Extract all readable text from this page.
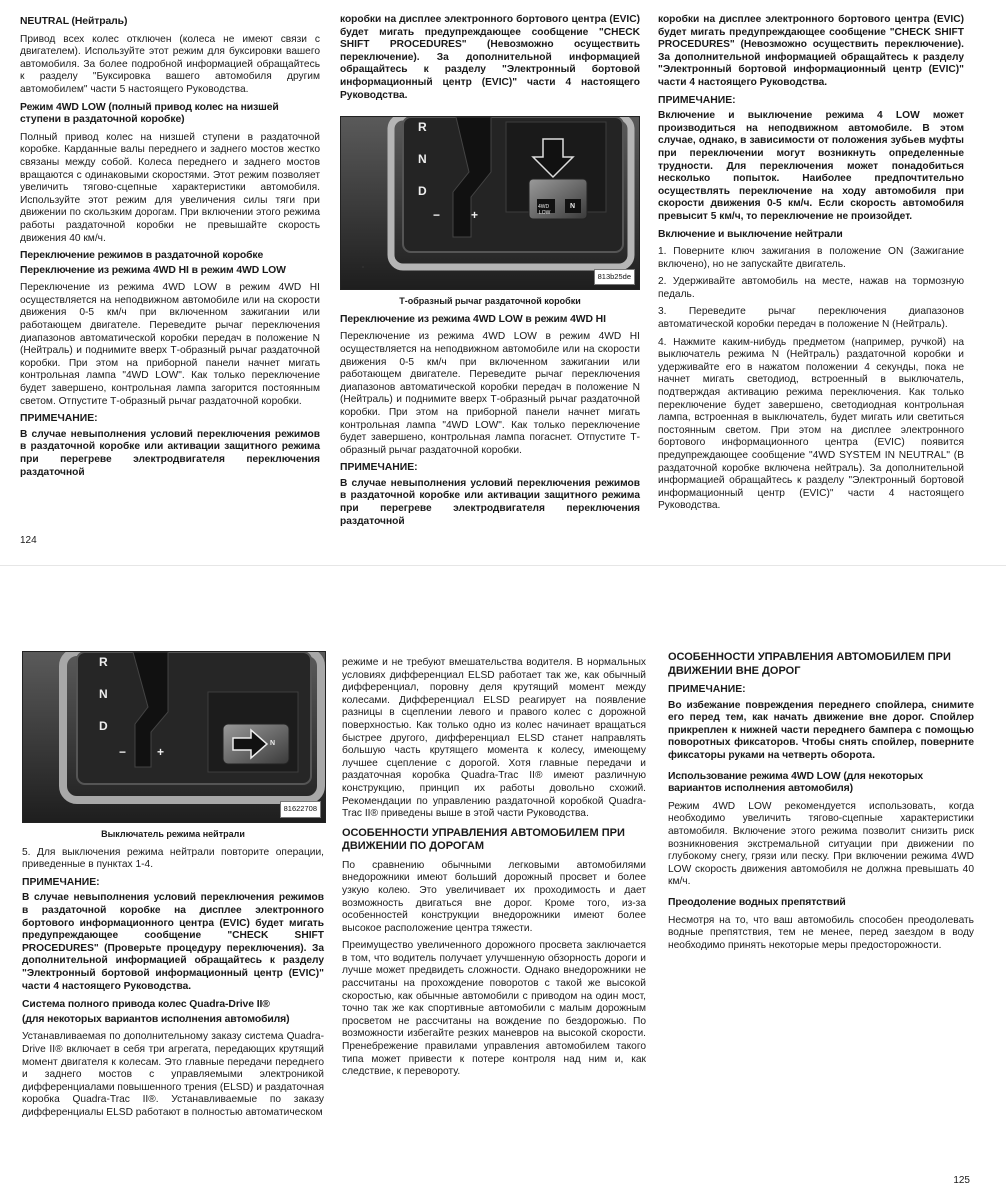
NEUTRAL (Нейтраль)

Привод всех колес отключен (колеса не имеют связи с двигателем). Используйте этот режим для буксировки вашего автомобиля. За более подробной информацией обращайтесь к разделу "Буксировка вашего автомобиля другим автомобилем" части 5 настоящего Руководства.

Режим 4WD LOW (полный привод колес на низшей ступени в раздаточной коробке)

Полный привод колес на низшей ступени в раздаточной коробке. Карданные валы переднего и заднего мостов жестко связаны между собой. Колеса переднего и заднего мостов вращаются с одинаковыми скоростями. Этот режим позволяет увеличить тягово-сцепные характеристики автомобиля. Используйте этот режим для увеличения силы тяги при движении по скользким дорогам. При включении этого режима работы раздаточной коробки не превышайте скорость движения 40 км/ч.

Переключение режимов в раздаточной коробке
Переключение из режима 4WD HI в режим 4WD LOW

Переключение из режима 4WD LOW в режим 4WD HI осуществляется на неподвижном автомобиле или на скорости движения 0-5 км/ч при включенном зажигании или работающем двигателе. Переведите рычаг переключения диапазонов автоматической коробки передач в положение N (Нейтраль) и поднимите вверх Т-образный рычаг раздаточной коробки. При этом на приборной панели начнет мигать контрольная лампа "4WD LOW". Как только переключение будет завершено, контрольная лампа загорится постоянным светом. Отпустите Т-образный рычаг раздаточной коробки.

ПРИМЕЧАНИЕ:

В случае невыполнения условий переключения режимов в раздаточной коробке или активации защитного режима при перегреве электродвигателя переключения раздаточной

коробки на дисплее электронного бортового центра (EVIC) будет мигать предупреждающее сообщение "CHECK SHIFT PROCEDURES" (Невозможно осуществить переключение). За дополнительной информацией обращайтесь к разделу "Электронный бортовой информационный центр (EVIC)" части 4 настоящего Руководства.

R
N
D
−	+
4WD
LOW
N
813b25de
Т-образный рычаг раздаточной коробки
Переключение из режима 4WD LOW в режим 4WD HI

Переключение из режима 4WD LOW в режим 4WD HI осуществляется на неподвижном автомобиле или на скорости движения 0-5 км/ч при включенном зажигании или работающем двигателе. Переведите рычаг переключения диапазонов автоматической коробки передач в положение N (Нейтраль) и поднимите вверх Т-образный рычаг раздаточной коробки. При этом на приборной панели начнет мигать контрольная лампа "4WD LOW". Как только переключение будет завершено, контрольная лампа погаснет. Отпустите Т-образный рычаг раздаточной коробки.

ПРИМЕЧАНИЕ:

В случае невыполнения условий переключения режимов в раздаточной коробке или активации защитного режима при перегреве электродвигателя переключения раздаточной

коробки на дисплее электронного бортового центра (EVIC) будет мигать предупреждающее сообщение "CHECK SHIFT PROCEDURES" (Невозможно осуществить переключение). За дополнительной информацией обращайтесь к разделу "Электронный бортовой информационный центр (EVIC)" части 4 настоящего Руководства.

ПРИМЕЧАНИЕ:

Включение и выключение режима 4 LOW может производиться на неподвижном автомобиле. В этом случае, однако, в зависимости от положения зубьев муфты при переключении могут возникнуть определенные трудности. Для переключения может понадобиться несколько попыток. Наиболее предпочтительно осуществлять переключение на ходу автомобиля при скорости движения 0-5 км/ч. Если скорость автомобиля превысит 5 км/ч, то переключение не произойдет.

Включение и выключение нейтрали

1. Поверните ключ зажигания в положение ON (Зажигание включено), но не запускайте двигатель.

2. Удерживайте автомобиль на месте, нажав на тормозную педаль.

3. Переведите рычаг переключения диапазонов автоматической коробки передач в положение N (Нейтраль).

4. Нажмите каким-нибудь предметом (например, ручкой) на выключатель режима N (Нейтраль) раздаточной коробки и удерживайте его в нажатом положении 4 секунды, пока не начнет мигать светодиод, встроенный в выключатель, подтверждая активацию режима переключения. Как только переключение будет завершено, светодиодная контрольная лампа, встроенная в выключатель, будет мигать или светиться постоянным светом. При этом на дисплее электронного бортового информационного центра (EVIC) появится предупреждающее сообщение "4WD SYSTEM IN NEUTRAL" (В раздаточной коробке включена нейтраль). За дополнительной информацией обращайтесь к разделу "Электронный бортовой информационный центр (EVIC)" части 4 настоящего Руководства.

124
R
N
D
−	+
N
81622708
Выключатель режима нейтрали

5. Для выключения режима нейтрали повторите операции, приведенные в пунктах 1-4.

ПРИМЕЧАНИЕ:

В случае невыполнения условий переключения режимов в раздаточной коробке на дисплее электронного бортового информационного центра (EVIC) будет мигать предупреждающее сообщение "CHECK SHIFT PROCEDURES" (Проверьте процедуру переключения). За дополнительной информацией обращайтесь к разделу "Электронный бортовой информационный центр (EVIC)" части 4 настоящего Руководства.

Система полного привода колес Quadra-Drive II®
(для некоторых вариантов исполнения автомобиля)

Устанавливаемая по дополнительному заказу система Quadra-Drive II® включает в себя три агрегата, передающих крутящий момент двигателя к колесам. Это главные передачи переднего и заднего мостов с управляемыми электроникой дифференциалами повышенного трения (ELSD) и раздаточная коробка Quadra-Trac II®. Устанавливаемые по заказу дифференциалы ELSD работают в полностью автоматическом

режиме и не требуют вмешательства водителя. В нормальных условиях дифференциал ELSD работает так же, как обычный дифференциал, поровну деля крутящий момент между колесами. Дифференциал ELSD реагирует на появление разницы в сцеплении левого и правого колес с дорожной поверхностью. Как только одно из колес начинает вращаться быстрее другого, дифференциал ELSD станет направлять большую часть крутящего момента к колесу, имеющему лучшее сцепление с дорогой. Хотя главные передачи и раздаточная коробка Quadra-Trac II® имеют различную конструкцию, принцип их работы довольно схожий. Рекомендации по управлению раздаточной коробкой Quadra-Trac II® приведены выше в этой части Руководства.

ОСОБЕННОСТИ УПРАВЛЕНИЯ АВТОМОБИЛЕМ ПРИ ДВИЖЕНИИ ПО ДОРОГАМ

По сравнению обычными легковыми автомобилями внедорожники имеют больший дорожный просвет и более узкую колею. Это увеличивает их проходимость и дает возможность двигаться вне дорог. Кроме того, из-за особенностей конструкции внедорожники имеют более высокое расположение центра тяжести.

Преимущество увеличенного дорожного просвета заключается в том, что водитель получает улучшенную обзорность дороги и лучше может предвидеть сложности. Однако внедорожники не рассчитаны на прохождение поворотов с такой же высокой скоростью, как обычные автомобили с приводом на один мост, точно так же как спортивные автомобили с малым дорожным просветом не рассчитаны на вождение по бездорожью. По возможности избегайте резких маневров на высокой скорости. Пренебрежение правилами управления автомобилем такого типа может привести к потере контроля над ним и, как следствие, к перевороту.

ОСОБЕННОСТИ УПРАВЛЕНИЯ АВТОМОБИЛЕМ ПРИ ДВИЖЕНИИ ВНЕ ДОРОГ
ПРИМЕЧАНИЕ:

Во избежание повреждения переднего спойлера, снимите его перед тем, как начать движение вне дорог. Спойлер прикреплен к нижней части переднего бампера с помощью поворотных фиксаторов. Чтобы снять спойлер, поверните фиксаторы руками на четверть оборота.

Использование режима 4WD LOW (для некоторых вариантов исполнения автомобиля)

Режим 4WD LOW рекомендуется использовать, когда необходимо увеличить тягово-сцепные характеристики автомобиля. Включение этого режима позволит снизить риск возникновения экстремальной ситуации при движении по глубокому снегу, грязи или песку. При включении режима 4WD LOW скорость движения автомобиля не должна превышать 40 км/ч.

Преодоление водных препятствий

Несмотря на то, что ваш автомобиль способен преодолевать водные препятствия, тем не менее, перед заездом в воду необходимо принять некоторые меры предосторожности.

125
